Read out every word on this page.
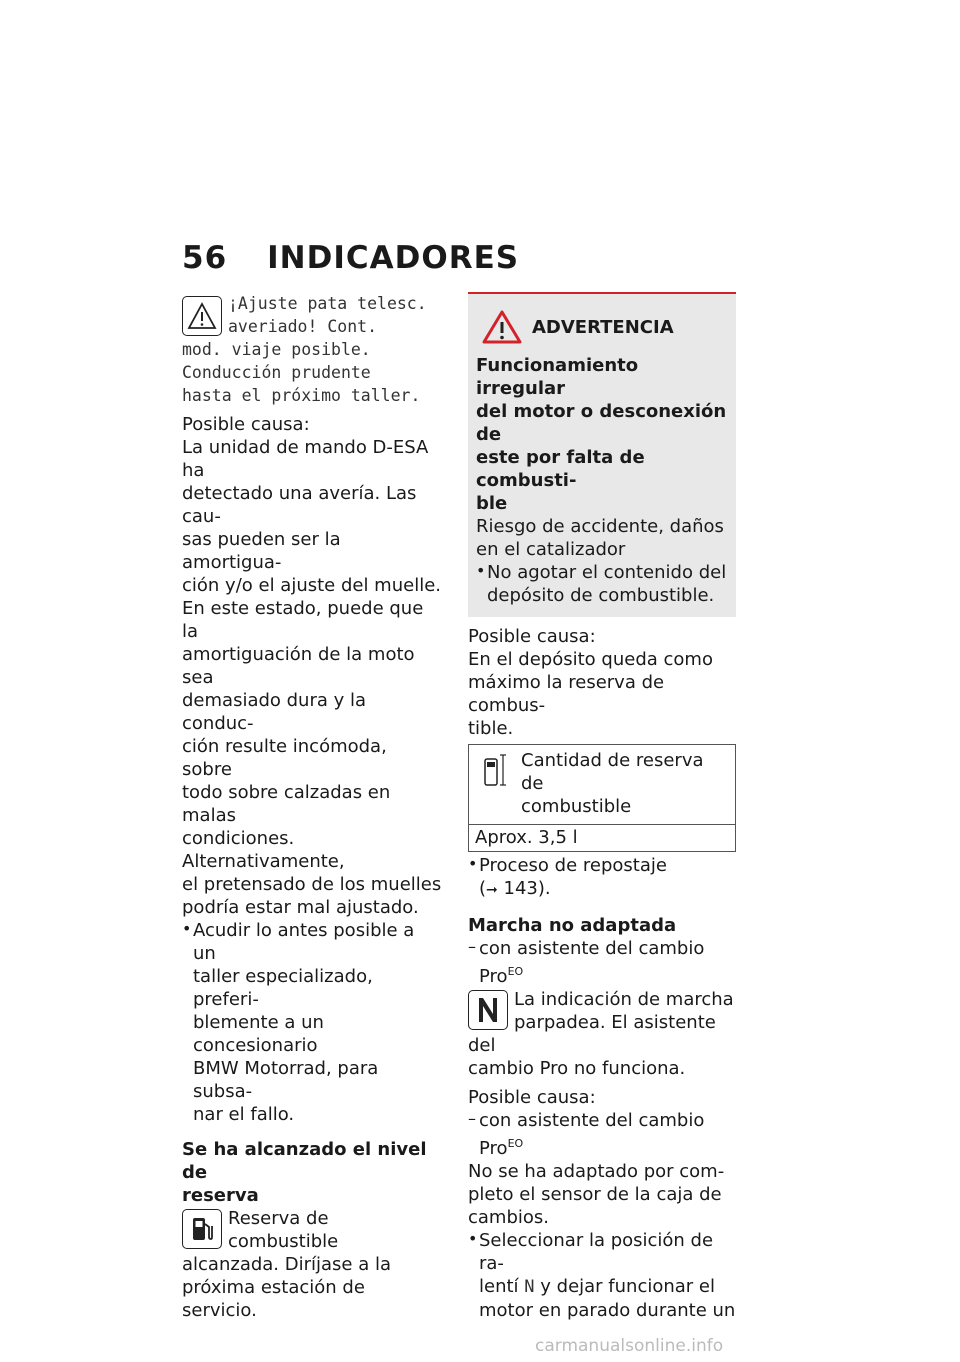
56 INDICADORES
¡Ajuste pata telesc.
averiado! Cont.
mod. viaje posible.
Conducción prudente
hasta el próximo taller.

Posible causa:

La unidad de mando D-ESA ha

detectado una avería. Las cau-

sas pueden ser la amortigua-

ción y/o el ajuste del muelle.

En este estado, puede que la

amortiguación de la moto sea

demasiado dura y la conduc-

ción resulte incómoda, sobre

todo sobre calzadas en malas

condiciones. Alternativamente,

el pretensado de los muelles

podría estar mal ajustado.

• Acudir lo antes posible a un

taller especializado, preferi-

blemente a un concesionario

BMW Motorrad, para subsa-

nar el fallo.

Se ha alcanzado el nivel de
reserva

Reserva de combustible

alcanzada. Diríjase a la

próxima estación de servicio.

ADVERTENCIA

Funcionamiento irregular

del motor o desconexión de

este por falta de combusti-

ble

Riesgo de accidente, daños

en el catalizador

• No agotar el contenido del

depósito de combustible.

Posible causa:

En el depósito queda como

máximo la reserva de combus-

tible.

Cantidad de reserva de

combustible

Aprox. 3,5 l

• Proceso de repostaje

(➞ 143).

Marcha no adaptada

– con asistente del cambio

Pro$^{EO}$

La indicación de marcha

parpadea. El asistente del

cambio Pro no funciona.

Posible causa:

– con asistente del cambio

Pro$^{EO}$

No se ha adaptado por com-

pleto el sensor de la caja de

cambios.

• Seleccionar la posición de ra-

lentí N y dejar funcionar el

motor en parado durante un

carmanualsonline.info
